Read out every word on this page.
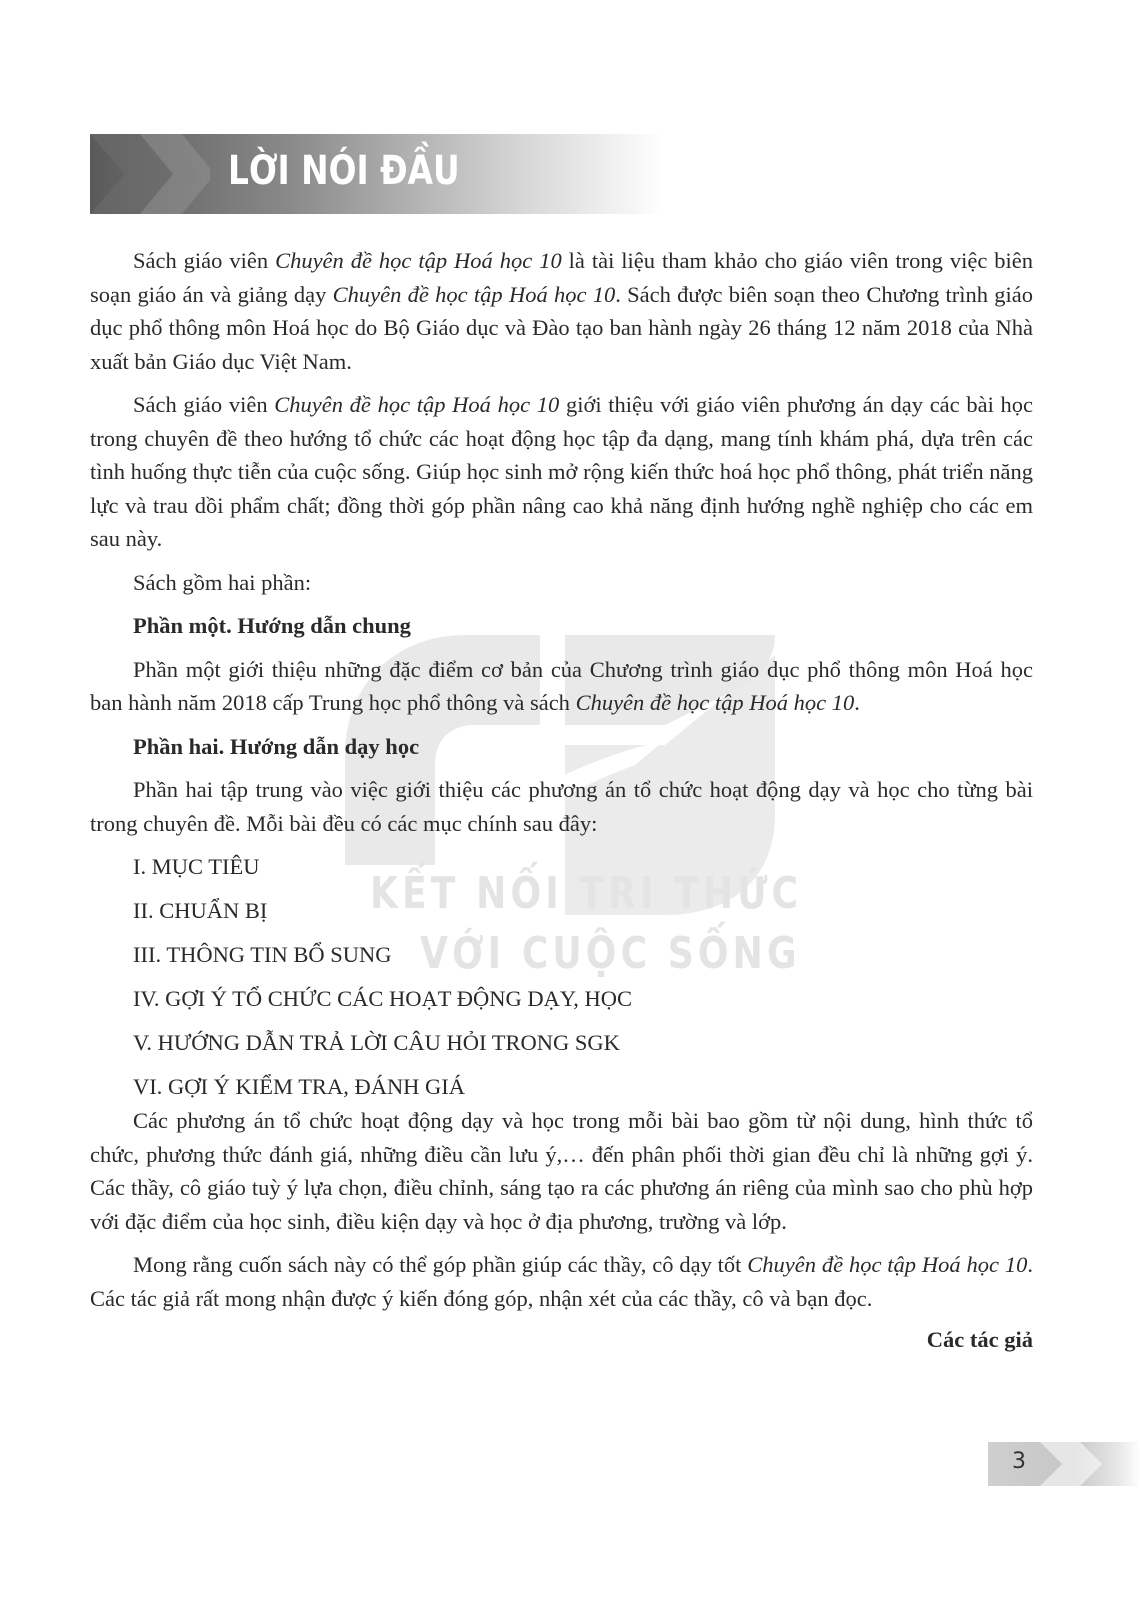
LỜI NÓI ĐẦU
KẾT NỐI TRI THỨC
VỚI CUỘC SỐNG

Sách giáo viên Chuyên đề học tập Hoá học 10 là tài liệu tham khảo cho giáo viên trong việc biên soạn giáo án và giảng dạy Chuyên đề học tập Hoá học 10. Sách được biên soạn theo Chương trình giáo dục phổ thông môn Hoá học do Bộ Giáo dục và Đào tạo ban hành ngày 26 tháng 12 năm 2018 của Nhà xuất bản Giáo dục Việt Nam.

Sách giáo viên Chuyên đề học tập Hoá học 10 giới thiệu với giáo viên phương án dạy các bài học trong chuyên đề theo hướng tổ chức các hoạt động học tập đa dạng, mang tính khám phá, dựa trên các tình huống thực tiễn của cuộc sống. Giúp học sinh mở rộng kiến thức hoá học phổ thông, phát triển năng lực và trau dồi phẩm chất; đồng thời góp phần nâng cao khả năng định hướng nghề nghiệp cho các em sau này.

Sách gồm hai phần:

Phần một. Hướng dẫn chung

Phần một giới thiệu những đặc điểm cơ bản của Chương trình giáo dục phổ thông môn Hoá học ban hành năm 2018 cấp Trung học phổ thông và sách Chuyên đề học tập Hoá học 10.

Phần hai. Hướng dẫn dạy học

Phần hai tập trung vào việc giới thiệu các phương án tổ chức hoạt động dạy và học cho từng bài trong chuyên đề. Mỗi bài đều có các mục chính sau đây:

I. MỤC TIÊU
II. CHUẨN BỊ
III. THÔNG TIN BỔ SUNG
IV. GỢI Ý TỔ CHỨC CÁC HOẠT ĐỘNG DẠY, HỌC
V. HƯỚNG DẪN TRẢ LỜI CÂU HỎI TRONG SGK
VI. GỢI Ý KIỂM TRA, ĐÁNH GIÁ

Các phương án tổ chức hoạt động dạy và học trong mỗi bài bao gồm từ nội dung, hình thức tổ chức, phương thức đánh giá, những điều cần lưu ý,… đến phân phối thời gian đều chỉ là những gợi ý. Các thầy, cô giáo tuỳ ý lựa chọn, điều chỉnh, sáng tạo ra các phương án riêng của mình sao cho phù hợp với đặc điểm của học sinh, điều kiện dạy và học ở địa phương, trường và lớp.

Mong rằng cuốn sách này có thể góp phần giúp các thầy, cô dạy tốt Chuyên đề học tập Hoá học 10. Các tác giả rất mong nhận được ý kiến đóng góp, nhận xét của các thầy, cô và bạn đọc.

Các tác giả

3
